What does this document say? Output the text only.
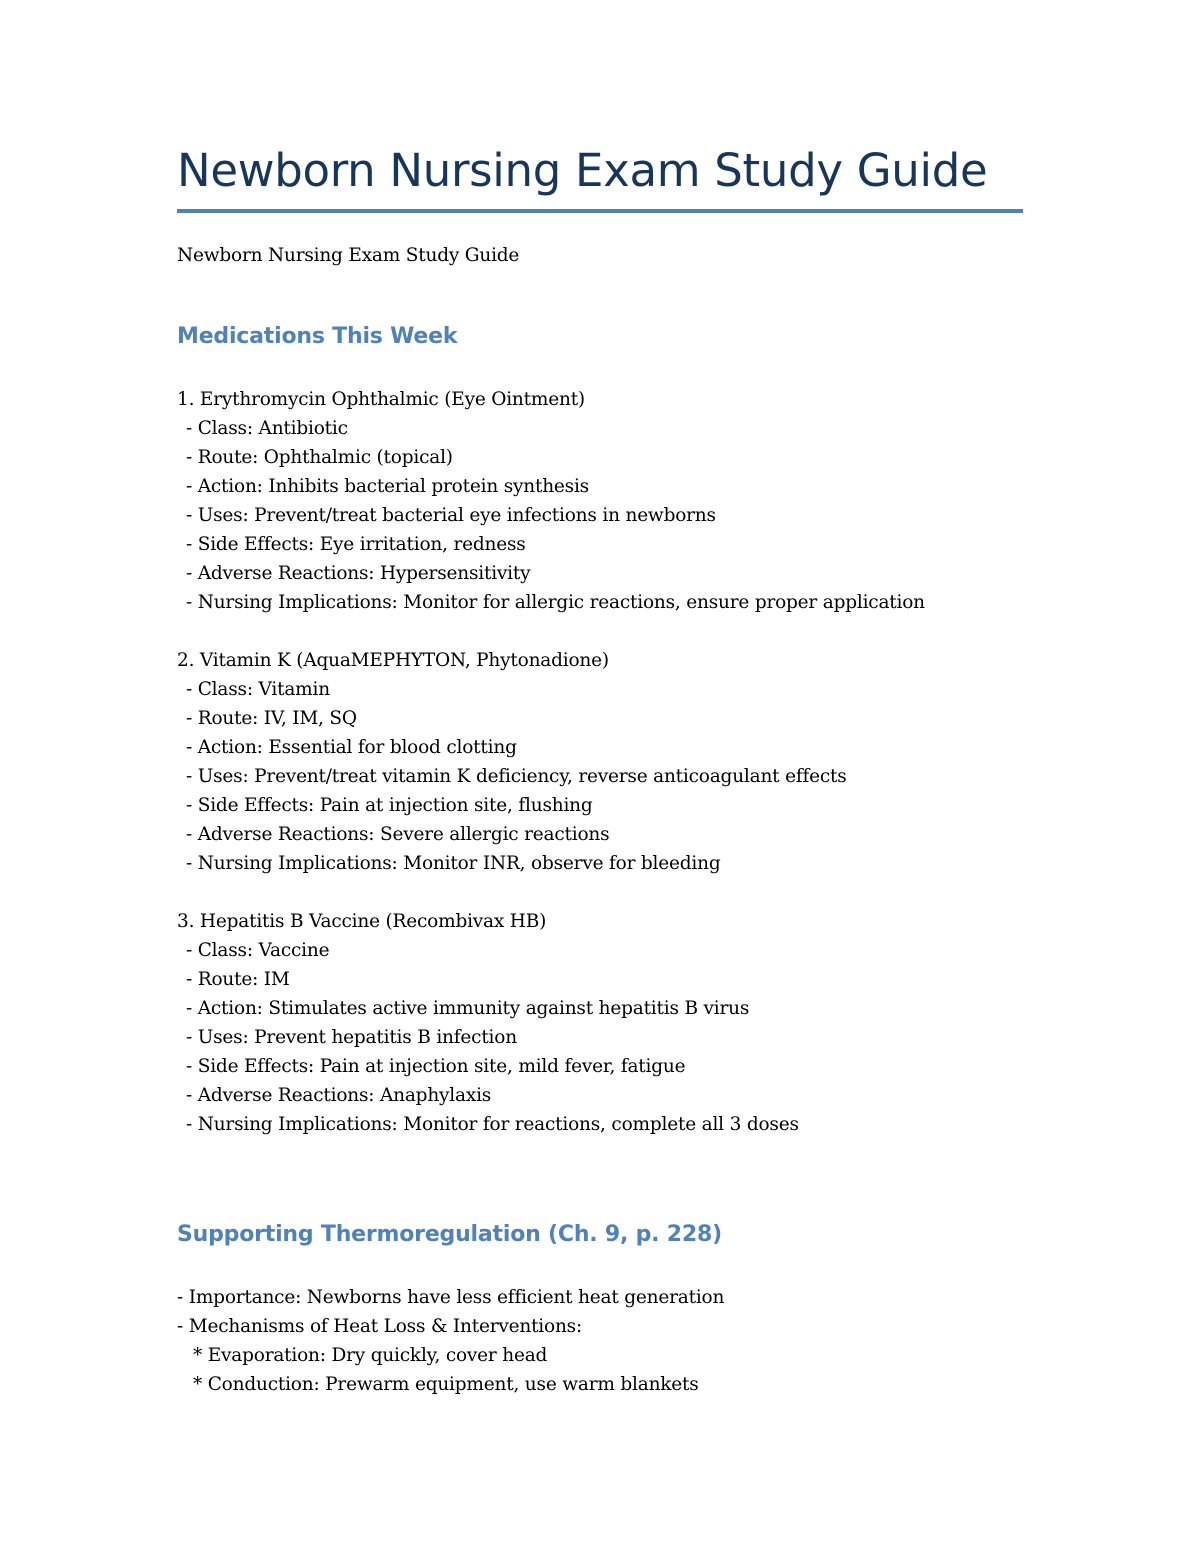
Newborn Nursing Exam Study Guide
Newborn Nursing Exam Study Guide
Medications This Week
1. Erythromycin Ophthalmic (Eye Ointment)
- Class: Antibiotic
- Route: Ophthalmic (topical)
- Action: Inhibits bacterial protein synthesis
- Uses: Prevent/treat bacterial eye infections in newborns
- Side Effects: Eye irritation, redness
- Adverse Reactions: Hypersensitivity
- Nursing Implications: Monitor for allergic reactions, ensure proper application
2. Vitamin K (AquaMEPHYTON, Phytonadione)
- Class: Vitamin
- Route: IV, IM, SQ
- Action: Essential for blood clotting
- Uses: Prevent/treat vitamin K deficiency, reverse anticoagulant effects
- Side Effects: Pain at injection site, flushing
- Adverse Reactions: Severe allergic reactions
- Nursing Implications: Monitor INR, observe for bleeding
3. Hepatitis B Vaccine (Recombivax HB)
- Class: Vaccine
- Route: IM
- Action: Stimulates active immunity against hepatitis B virus
- Uses: Prevent hepatitis B infection
- Side Effects: Pain at injection site, mild fever, fatigue
- Adverse Reactions: Anaphylaxis
- Nursing Implications: Monitor for reactions, complete all 3 doses
Supporting Thermoregulation (Ch. 9, p. 228)
- Importance: Newborns have less efficient heat generation
- Mechanisms of Heat Loss & Interventions:
* Evaporation: Dry quickly, cover head
* Conduction: Prewarm equipment, use warm blankets
